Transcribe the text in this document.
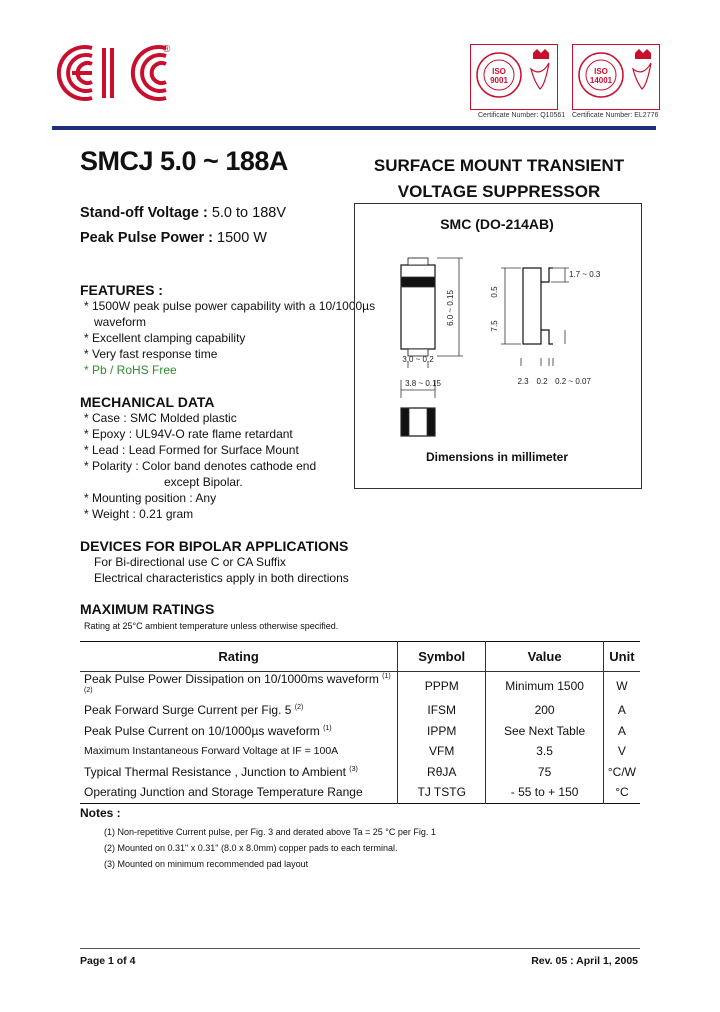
®
ISO 9001
Certificate Number: Q10561
ISO 14001
Certificate Number: EL2776
SMCJ 5.0 ~ 188A	SURFACE MOUNT TRANSIENT
VOLTAGE SUPPRESSOR
Stand-off Voltage : 5.0 to 188V
Peak Pulse Power : 1500 W
FEATURES :
* 1500W peak pulse power capability with a 10/1000µs
waveform
* Excellent clamping capability
* Very fast response time
* Pb / RoHS Free
MECHANICAL DATA
* Case : SMC Molded plastic
* Epoxy : UL94V-O rate flame retardant
* Lead : Lead Formed for Surface Mount
* Polarity : Color band denotes cathode end
except Bipolar.
* Mounting position : Any
* Weight : 0.21 gram
DEVICES FOR BIPOLAR APPLICATIONS
For Bi-directional use C or CA Suffix
Electrical characteristics apply in both directions
SMC (DO-214AB)
6.0 ~ 0.15
3.0 ~ 0.2
3.8 ~ 0.15
7.5
0.5
1.7 ~ 0.3
2.3 0.2 0.2 ~ 0.07
Dimensions in millimeter
MAXIMUM RATINGS
Rating at 25°C ambient temperature unless otherwise specified.
Rating	Symbol	Value	Unit
Peak Pulse Power Dissipation on 10/1000ms waveform $^{(1)(2)}$	PPPM	Minimum 1500	W
Peak Forward Surge Current per Fig. 5 $^{(2)}$	IFSM	200	A
Peak Pulse Current on 10/1000µs waveform $^{(1)}$	IPPM	See Next Table	A
Maximum Instantaneous Forward Voltage at IF = 100A	VFM	3.5	V
Typical Thermal Resistance , Junction to Ambient $^{(3)}$	RθJA	75	°C/W
Operating Junction and Storage Temperature Range	TJ TSTG	- 55 to + 150	°C
Notes :
(1) Non-repetitive Current pulse, per Fig. 3 and derated above Ta = 25 °C per Fig. 1
(2) Mounted on 0.31" x 0.31" (8.0 x 8.0mm) copper pads to each terminal.
(3) Mounted on minimum recommended pad layout
Page 1 of 4	Rev. 05 : April 1, 2005
